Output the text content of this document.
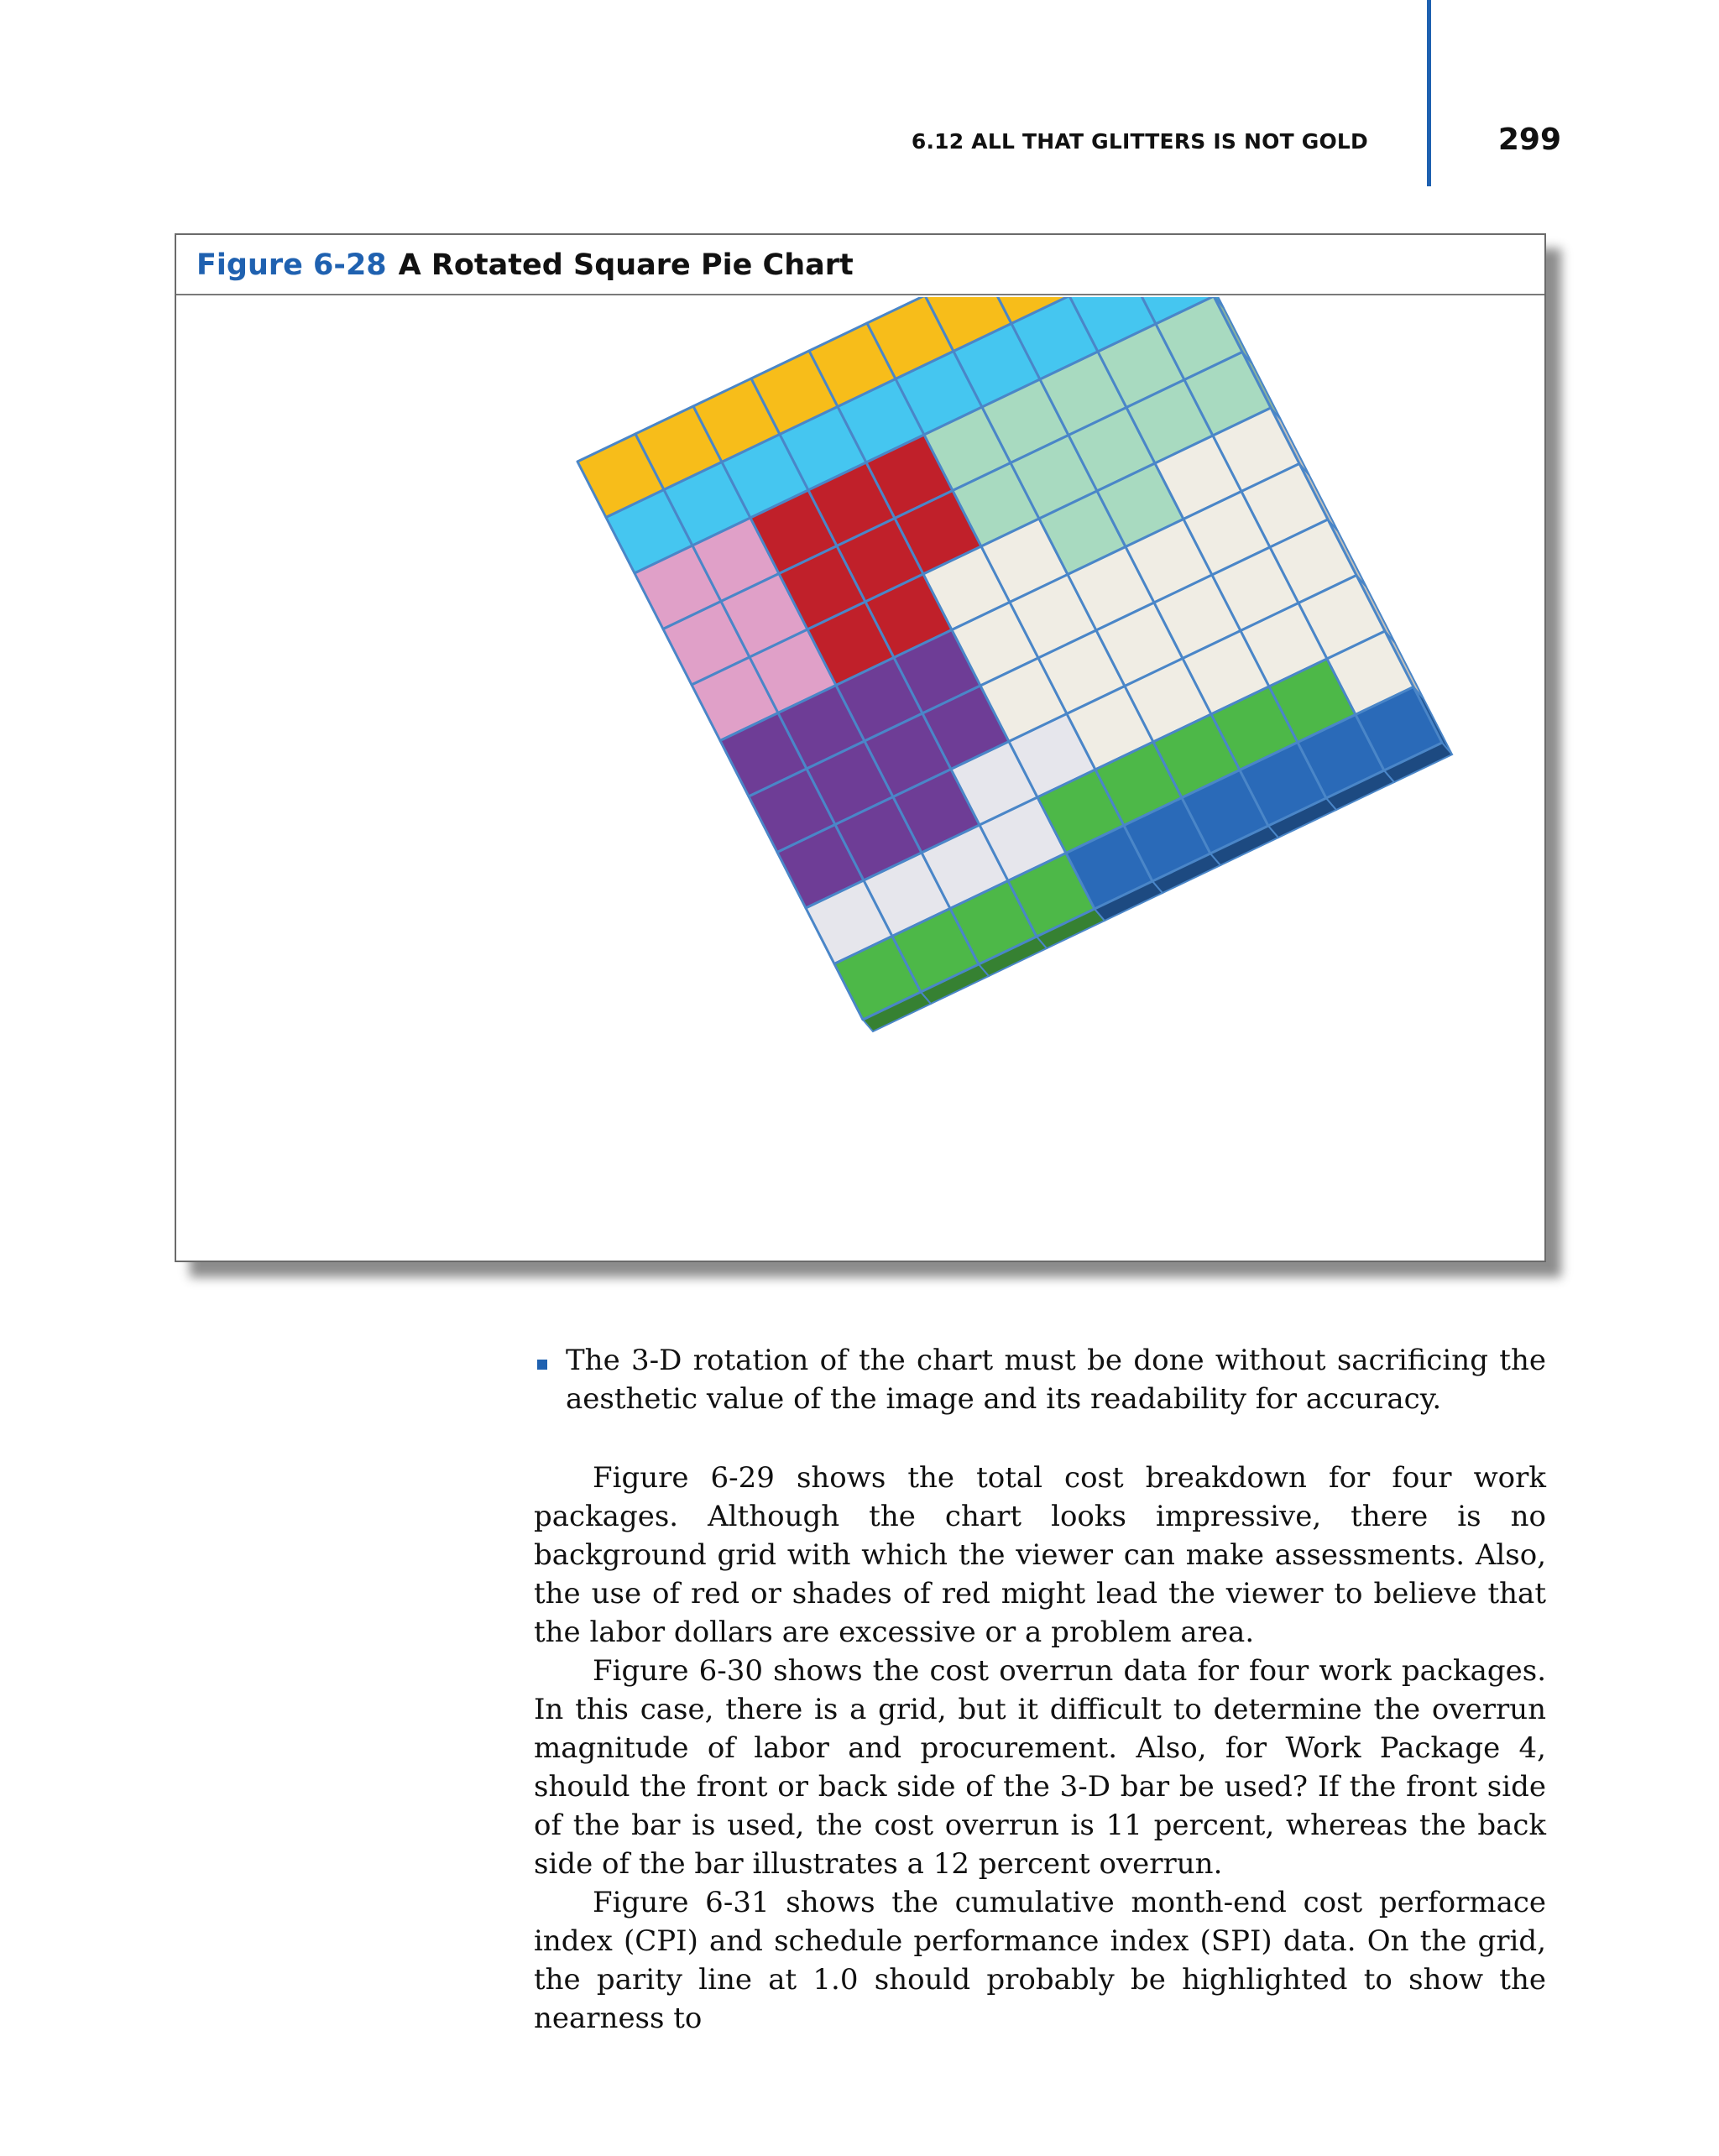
6.12 ALL THAT GLITTERS IS NOT GOLD	299
Figure 6-28 A Rotated Square Pie Chart
The 3-D rotation of the chart must be done without sacrificing the aesthetic value of the image and its readability for accuracy.

Figure 6-29 shows the total cost breakdown for four work packages. Although the chart looks impressive, there is no background grid with which the viewer can make assessments. Also, the use of red or shades of red might lead the viewer to believe that the labor dollars are excessive or a problem area.

Figure 6-30 shows the cost overrun data for four work packages. In this case, there is a grid, but it difficult to determine the overrun magnitude of labor and procurement. Also, for Work Package 4, should the front or back side of the 3-D bar be used? If the front side of the bar is used, the cost overrun is 11 percent, whereas the back side of the bar illustrates a 12 percent overrun.

Figure 6-31 shows the cumulative month-end cost performace index (CPI) and schedule performance index (SPI) data. On the grid, the parity line at 1.0 should probably be highlighted to show the nearness to
